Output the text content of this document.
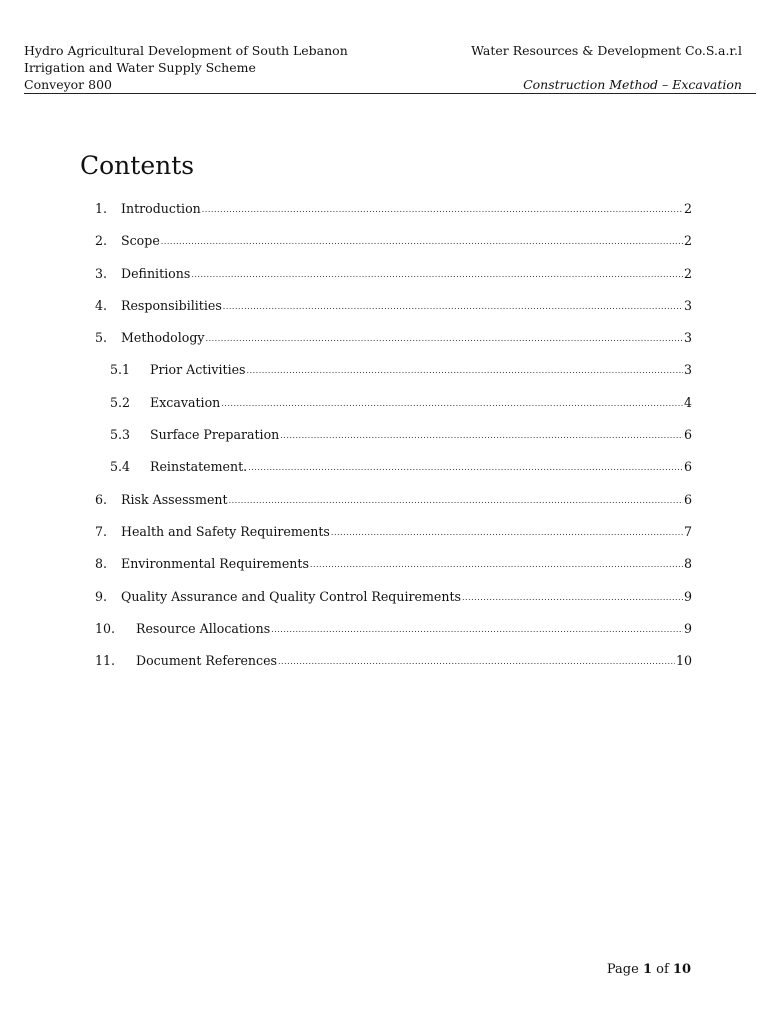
Hydro Agricultural Development of South Lebanon
Irrigation and Water Supply Scheme
Conveyor 800
Water Resources & Development Co.S.a.r.l
Construction Method – Excavation
Contents
1.	Introduction .....	2
2.	Scope .....	2
3.	Definitions .....	2
4.	Responsibilities .....	3
5.	Methodology .....	3
5.1	Prior Activities .....	3
5.2	Excavation .....	4
5.3	Surface Preparation .....	6
5.4	Reinstatement. .....	6
6.	Risk Assessment .....	6
7.	Health and Safety Requirements .....	7
8.	Environmental Requirements .....	8
9.	Quality Assurance and Quality Control Requirements .....	9
10.	Resource Allocations .....	9
11.	Document References .....	10
Page 1 of 10
